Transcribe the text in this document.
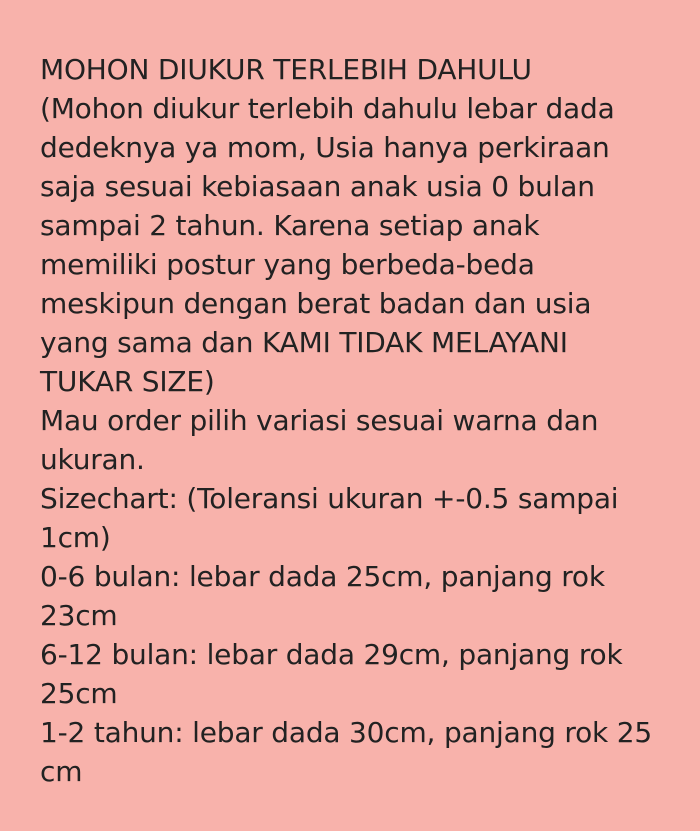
MOHON DIUKUR TERLEBIH DAHULU
(Mohon diukur terlebih dahulu lebar dada
dedeknya ya mom, Usia hanya perkiraan
saja sesuai kebiasaan anak usia 0 bulan
sampai 2 tahun. Karena setiap anak
memiliki postur yang berbeda-beda
meskipun dengan berat badan dan usia
yang sama dan KAMI TIDAK MELAYANI
TUKAR SIZE)
Mau order pilih variasi sesuai warna dan
ukuran.
Sizechart: (Toleransi ukuran +-0.5 sampai
1cm)
0-6 bulan: lebar dada 25cm, panjang rok
23cm
6-12 bulan: lebar dada 29cm, panjang rok
25cm
1-2 tahun: lebar dada 30cm, panjang rok 25
cm
